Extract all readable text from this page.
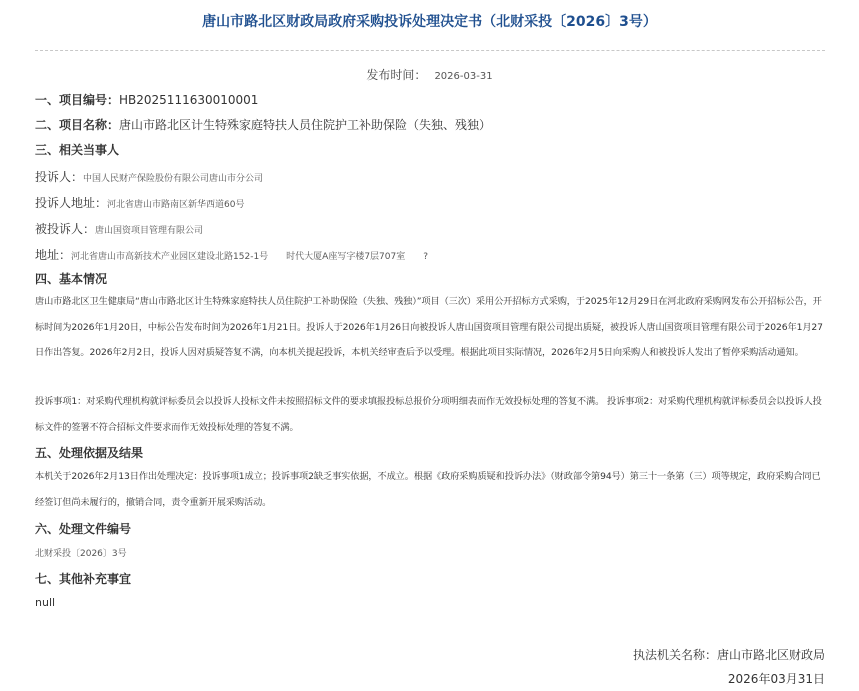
唐山市路北区财政局政府采购投诉处理决定书（北财采投〔2026〕3号）
发布时间： 2026-03-31
一、项目编号：HB2025111630010001
二、项目名称：唐山市路北区计生特殊家庭特扶人员住院护工补助保险（失独、残独）
三、相关当事人
投诉人：中国人民财产保险股份有限公司唐山市分公司
投诉人地址：河北省唐山市路南区新华西道60号
被投诉人：唐山国资项目管理有限公司
地址：河北省唐山市高新技术产业园区建设北路152-1号　　时代大厦A座写字楼7层707室　　?
四、基本情况
唐山市路北区卫生健康局“唐山市路北区计生特殊家庭特扶人员住院护工补助保险（失独、残独）”项目（三次）采用公开招标方式采购，于2025年12月29日在河北政府采购网发布公开招标公告，开标时间为2026年1月20日，中标公告发布时间为2026年1月21日。投诉人于2026年1月26日向被投诉人唐山国资项目管理有限公司提出质疑，被投诉人唐山国资项目管理有限公司于2026年1月27日作出答复。2026年2月2日，投诉人因对质疑答复不满，向本机关提起投诉，本机关经审查后予以受理。根据此项目实际情况，2026年2月5日向采购人和被投诉人发出了暂停采购活动通知。
投诉事项1：对采购代理机构就评标委员会以投诉人投标文件未按照招标文件的要求填报投标总报价分项明细表而作无效投标处理的答复不满。 投诉事项2：对采购代理机构就评标委员会以投诉人投标文件的签署不符合招标文件要求而作无效投标处理的答复不满。
五、处理依据及结果
本机关于2026年2月13日作出处理决定：投诉事项1成立；投诉事项2缺乏事实依据，不成立。根据《政府采购质疑和投诉办法》（财政部令第94号）第三十一条第（三）项等规定，政府采购合同已经签订但尚未履行的，撤销合同，责令重新开展采购活动。
六、处理文件编号
北财采投〔2026〕3号
七、其他补充事宜
null
执法机关名称：唐山市路北区财政局
2026年03月31日
